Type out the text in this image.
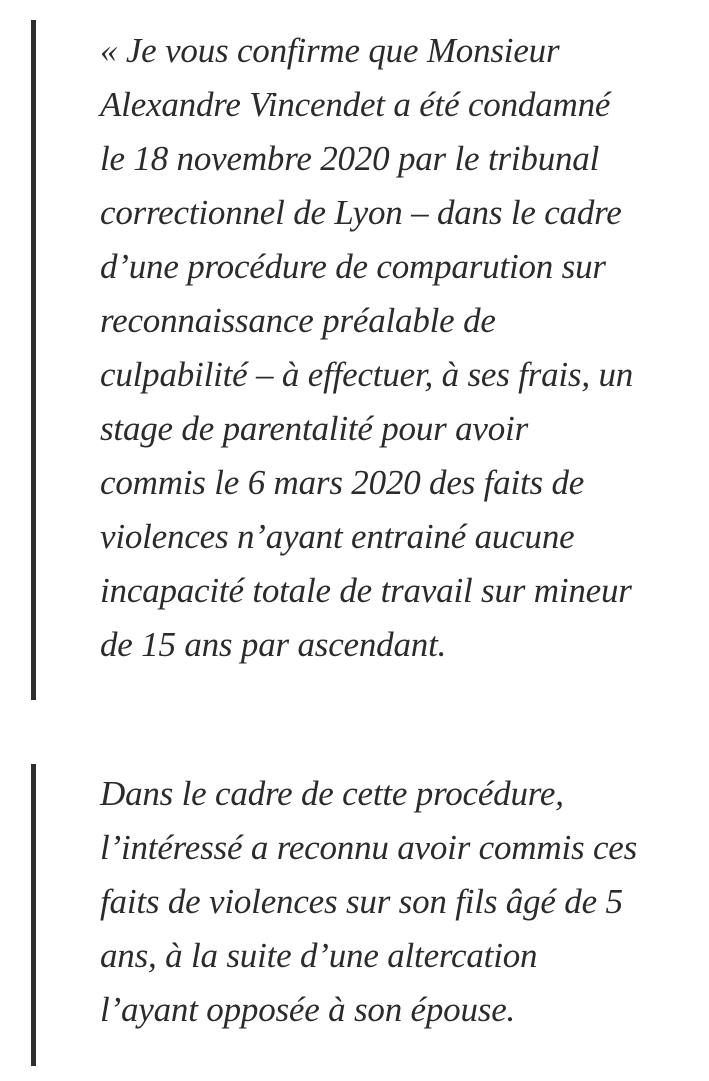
« Je vous confirme que Monsieur
Alexandre Vincendet a été condamné
le 18 novembre 2020 par le tribunal
correctionnel de Lyon – dans le cadre
d’une procédure de comparution sur
reconnaissance préalable de
culpabilité – à effectuer, à ses frais, un
stage de parentalité pour avoir
commis le 6 mars 2020 des faits de
violences n’ayant entrainé aucune
incapacité totale de travail sur mineur
de 15 ans par ascendant.

Dans le cadre de cette procédure,
l’intéressé a reconnu avoir commis ces
faits de violences sur son fils âgé de 5
ans, à la suite d’une altercation
l’ayant opposée à son épouse.
